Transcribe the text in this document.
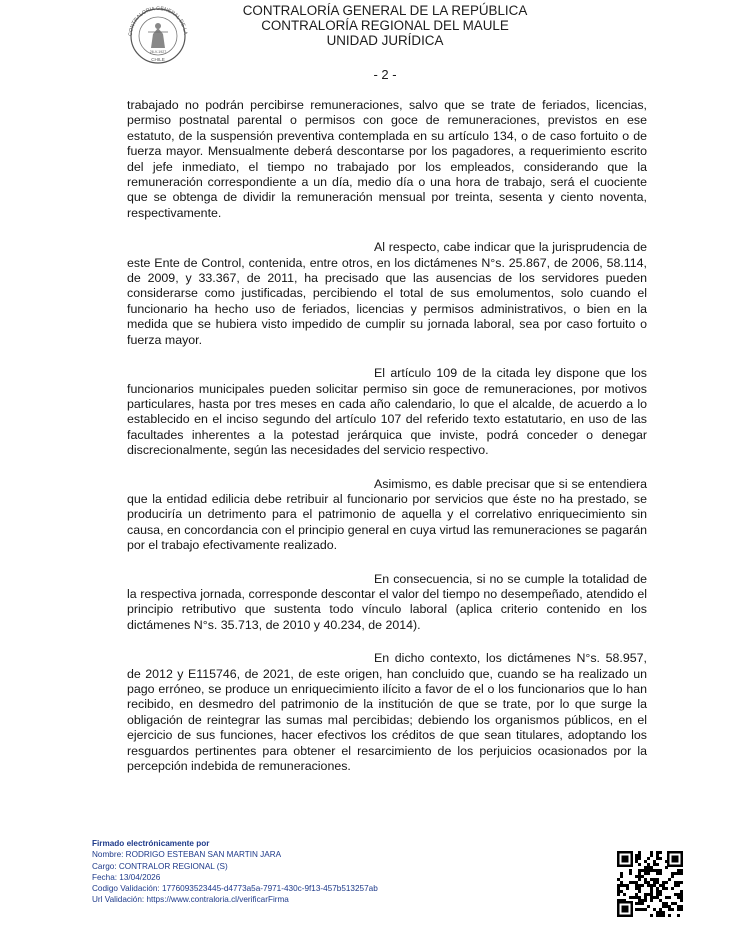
CONTRALORIA GENERAL DE LA
26-V-1927
CHILE
CONTRALORÍA GENERAL DE LA REPÚBLICA
CONTRALORÍA REGIONAL DEL MAULE
UNIDAD JURÍDICA
- 2 -

trabajado no podrán percibirse remuneraciones, salvo que se trate de feriados, licencias, permiso postnatal parental o permisos con goce de remuneraciones, previstos en ese estatuto, de la suspensión preventiva contemplada en su artículo 134, o de caso fortuito o de fuerza mayor. Mensualmente deberá descontarse por los pagadores, a requerimiento escrito del jefe inmediato, el tiempo no trabajado por los empleados, considerando que la remuneración correspondiente a un día, medio día o una hora de trabajo, será el cuociente que se obtenga de dividir la remuneración mensual por treinta, sesenta y ciento noventa, respectivamente.

Al respecto, cabe indicar que la jurisprudencia de este Ente de Control, contenida, entre otros, en los dictámenes N°s. 25.867, de 2006, 58.114, de 2009, y 33.367, de 2011, ha precisado que las ausencias de los servidores pueden considerarse como justificadas, percibiendo el total de sus emolumentos, solo cuando el funcionario ha hecho uso de feriados, licencias y permisos administrativos, o bien en la medida que se hubiera visto impedido de cumplir su jornada laboral, sea por caso fortuito o fuerza mayor.

El artículo 109 de la citada ley dispone que los funcionarios municipales pueden solicitar permiso sin goce de remuneraciones, por motivos particulares, hasta por tres meses en cada año calendario, lo que el alcalde, de acuerdo a lo establecido en el inciso segundo del artículo 107 del referido texto estatutario, en uso de las facultades inherentes a la potestad jerárquica que inviste, podrá conceder o denegar discrecionalmente, según las necesidades del servicio respectivo.

Asimismo, es dable precisar que si se entendiera que la entidad edilicia debe retribuir al funcionario por servicios que éste no ha prestado, se produciría un detrimento para el patrimonio de aquella y el correlativo enriquecimiento sin causa, en concordancia con el principio general en cuya virtud las remuneraciones se pagarán por el trabajo efectivamente realizado.

En consecuencia, si no se cumple la totalidad de la respectiva jornada, corresponde descontar el valor del tiempo no desempeñado, atendido el principio retributivo que sustenta todo vínculo laboral (aplica criterio contenido en los dictámenes N°s. 35.713, de 2010 y 40.234, de 2014).

En dicho contexto, los dictámenes N°s. 58.957, de 2012 y E115746, de 2021, de este origen, han concluido que, cuando se ha realizado un pago erróneo, se produce un enriquecimiento ilícito a favor de el o los funcionarios que lo han recibido, en desmedro del patrimonio de la institución de que se trate, por lo que surge la obligación de reintegrar las sumas mal percibidas; debiendo los organismos públicos, en el ejercicio de sus funciones, hacer efectivos los créditos de que sean titulares, adoptando los resguardos pertinentes para obtener el resarcimiento de los perjuicios ocasionados por la percepción indebida de remuneraciones.

Firmado electrónicamente por
Nombre: RODRIGO ESTEBAN SAN MARTIN JARA
Cargo: CONTRALOR REGIONAL (S)
Fecha: 13/04/2026
Codigo Validación: 1776093523445-d4773a5a-7971-430c-9f13-457b513257ab
Url Validación: https://www.contraloria.cl/verificarFirma
